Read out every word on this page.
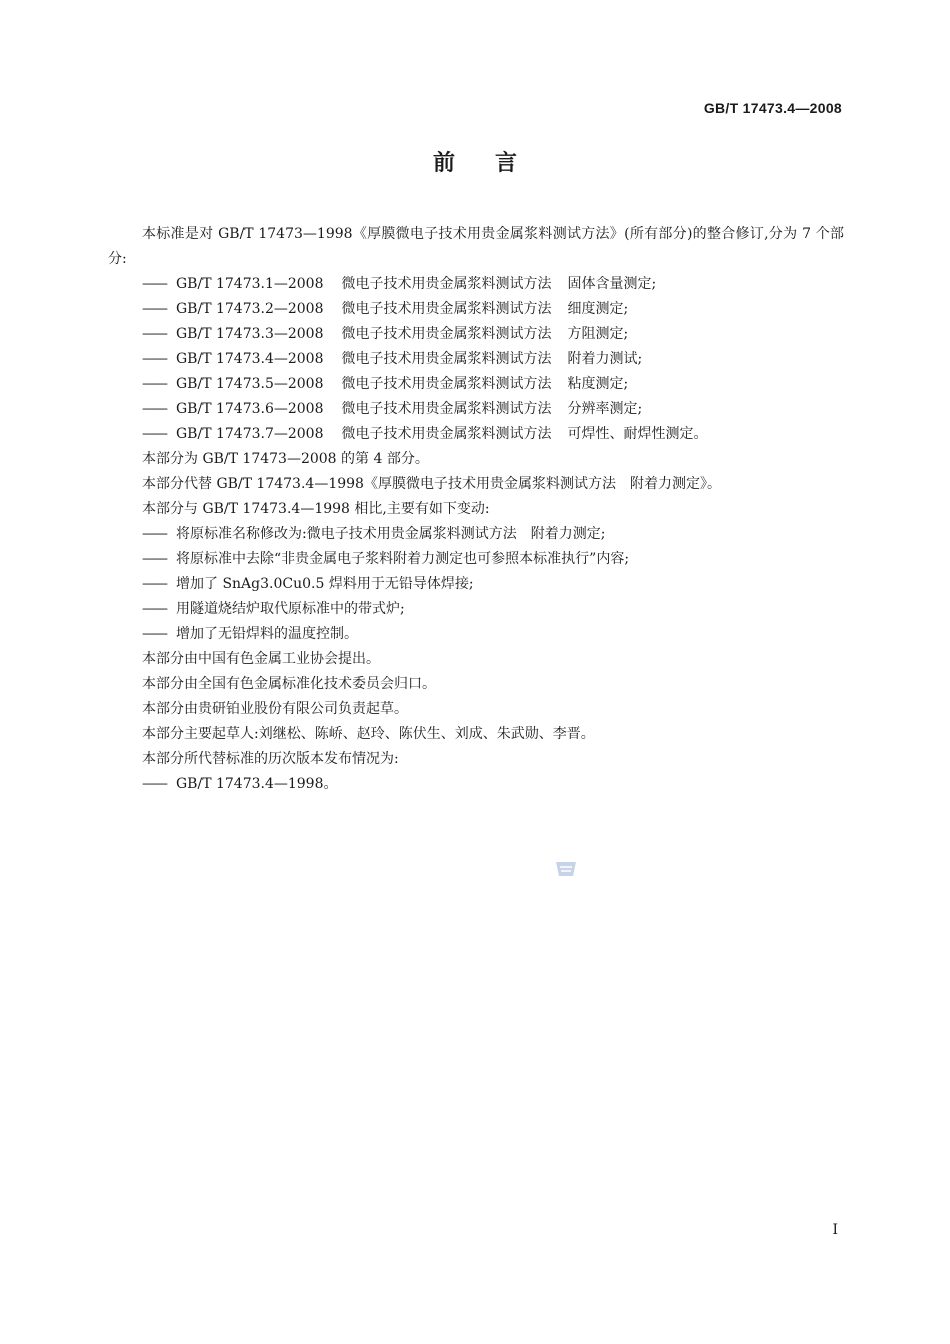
GB/T 17473.4—2008
前言

本标准是对 GB/T 17473—1998《厚膜微电子技术用贵金属浆料测试方法》(所有部分)的整合修订,分为 7 个部分:

—— GB/T 17473.1—2008 微电子技术用贵金属浆料测试方法 固体含量测定;

—— GB/T 17473.2—2008 微电子技术用贵金属浆料测试方法 细度测定;

—— GB/T 17473.3—2008 微电子技术用贵金属浆料测试方法 方阻测定;

—— GB/T 17473.4—2008 微电子技术用贵金属浆料测试方法 附着力测试;

—— GB/T 17473.5—2008 微电子技术用贵金属浆料测试方法 粘度测定;

—— GB/T 17473.6—2008 微电子技术用贵金属浆料测试方法 分辨率测定;

—— GB/T 17473.7—2008 微电子技术用贵金属浆料测试方法 可焊性、耐焊性测定。

本部分为 GB/T 17473—2008 的第 4 部分。

本部分代替 GB/T 17473.4—1998《厚膜微电子技术用贵金属浆料测试方法　附着力测定》。

本部分与 GB/T 17473.4—1998 相比,主要有如下变动:

—— 将原标准名称修改为:微电子技术用贵金属浆料测试方法　附着力测定;

—— 将原标准中去除“非贵金属电子浆料附着力测定也可参照本标准执行”内容;

—— 增加了 SnAg3.0Cu0.5 焊料用于无铅导体焊接;

—— 用隧道烧结炉取代原标准中的带式炉;

—— 增加了无铅焊料的温度控制。

本部分由中国有色金属工业协会提出。

本部分由全国有色金属标准化技术委员会归口。

本部分由贵研铂业股份有限公司负责起草。

本部分主要起草人:刘继松、陈峤、赵玲、陈伏生、刘成、朱武勋、李晋。

本部分所代替标准的历次版本发布情况为:

—— GB/T 17473.4—1998。

I
